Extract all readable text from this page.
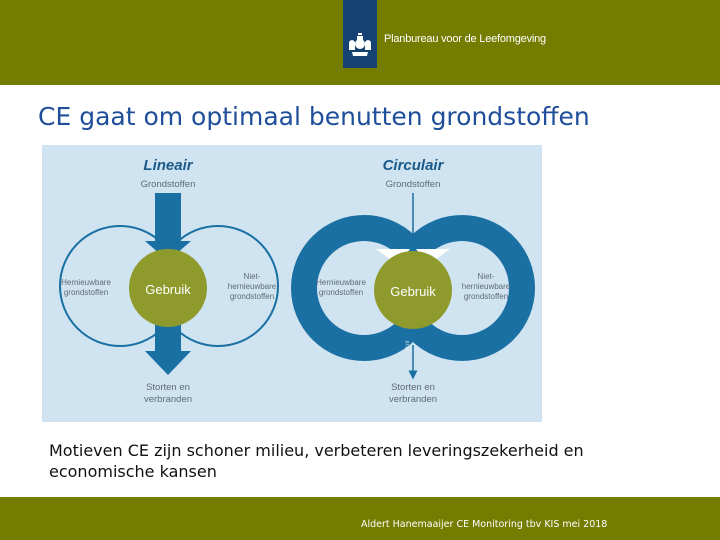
Planbureau voor de Leefomgeving
CE gaat om optimaal benutten grondstoffen
Lineair
Grondstoffen
Gebruik
Hernieuwbare
grondstoffen
Niet-
hernieuwbare
grondstoffen
Storten en
verbranden
Circulair
Grondstoffen
Gebruik
pbl.nl
Hernieuwbare
grondstoffen
Niet-
hernieuwbare
grondstoffen
Storten en
verbranden
Motieven CE zijn schoner milieu, verbeteren leveringszekerheid en economische kansen
Aldert Hanemaaijer CE Monitoring tbv KIS mei 2018
